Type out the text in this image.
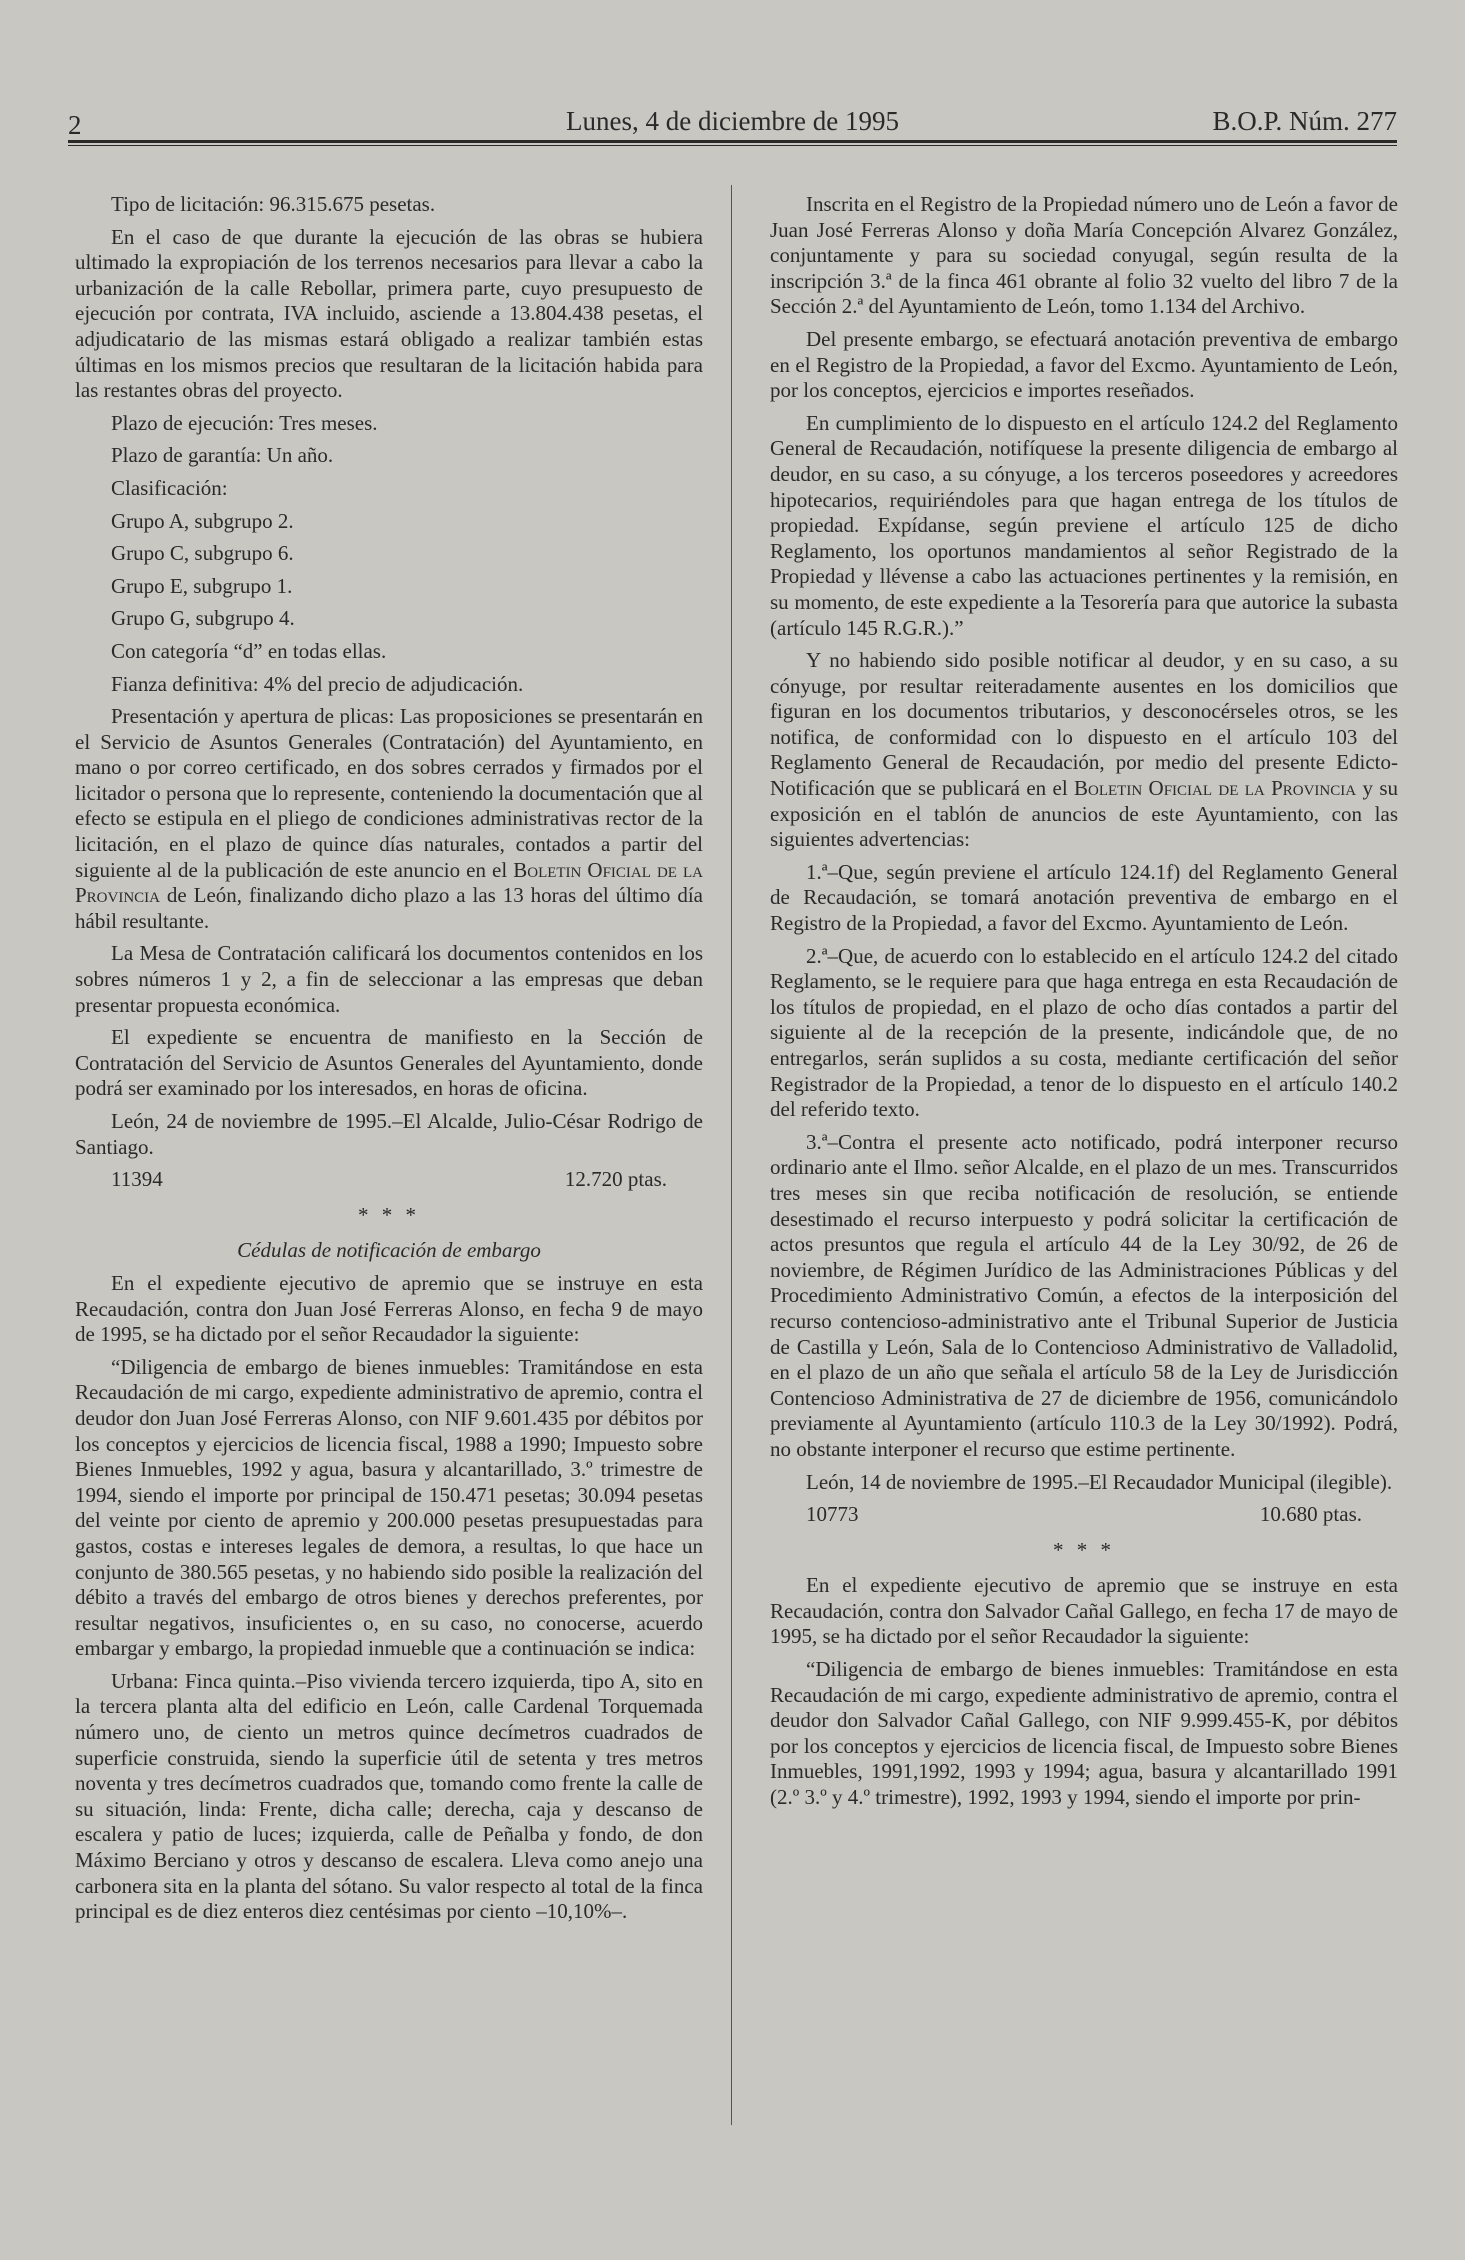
2	Lunes, 4 de diciembre de 1995	B.O.P. Núm. 277

Tipo de licitación: 96.315.675 pesetas.

En el caso de que durante la ejecución de las obras se hubiera ultimado la expropiación de los terrenos necesarios para llevar a cabo la urbanización de la calle Rebollar, primera parte, cuyo presupuesto de ejecución por contrata, IVA incluido, asciende a 13.804.438 pesetas, el adjudicatario de las mismas estará obligado a realizar también estas últimas en los mismos precios que resultaran de la licitación habida para las restantes obras del proyecto.

Plazo de ejecución: Tres meses.

Plazo de garantía: Un año.

Clasificación:

Grupo A, subgrupo 2.

Grupo C, subgrupo 6.

Grupo E, subgrupo 1.

Grupo G, subgrupo 4.

Con categoría “d” en todas ellas.

Fianza definitiva: 4% del precio de adjudicación.

Presentación y apertura de plicas: Las proposiciones se presentarán en el Servicio de Asuntos Generales (Contratación) del Ayuntamiento, en mano o por correo certificado, en dos sobres cerrados y firmados por el licitador o persona que lo represente, conteniendo la documentación que al efecto se estipula en el pliego de condiciones administrativas rector de la licitación, en el plazo de quince días naturales, contados a partir del siguiente al de la publicación de este anuncio en el Boletin Oficial de la Provincia de León, finalizando dicho plazo a las 13 horas del último día hábil resultante.

La Mesa de Contratación calificará los documentos contenidos en los sobres números 1 y 2, a fin de seleccionar a las empresas que deban presentar propuesta económica.

El expediente se encuentra de manifiesto en la Sección de Contratación del Servicio de Asuntos Generales del Ayuntamiento, donde podrá ser examinado por los interesados, en horas de oficina.

León, 24 de noviembre de 1995.–El Alcalde, Julio-César Rodrigo de Santiago.

11394	12.720 ptas.

* * *

Cédulas de notificación de embargo

En el expediente ejecutivo de apremio que se instruye en esta Recaudación, contra don Juan José Ferreras Alonso, en fecha 9 de mayo de 1995, se ha dictado por el señor Recaudador la siguiente:

“Diligencia de embargo de bienes inmuebles: Tramitándose en esta Recaudación de mi cargo, expediente administrativo de apremio, contra el deudor don Juan José Ferreras Alonso, con NIF 9.601.435 por débitos por los conceptos y ejercicios de licencia fiscal, 1988 a 1990; Impuesto sobre Bienes Inmuebles, 1992 y agua, basura y alcantarillado, 3.º trimestre de 1994, siendo el importe por principal de 150.471 pesetas; 30.094 pesetas del veinte por ciento de apremio y 200.000 pesetas presupuestadas para gastos, costas e intereses legales de demora, a resultas, lo que hace un conjunto de 380.565 pesetas, y no habiendo sido posible la realización del débito a través del embargo de otros bienes y derechos preferentes, por resultar negativos, insuficientes o, en su caso, no conocerse, acuerdo embargar y embargo, la propiedad inmueble que a continuación se indica:

Urbana: Finca quinta.–Piso vivienda tercero izquierda, tipo A, sito en la tercera planta alta del edificio en León, calle Cardenal Torquemada número uno, de ciento un metros quince decímetros cuadrados de superficie construida, siendo la superficie útil de setenta y tres metros noventa y tres decímetros cuadrados que, tomando como frente la calle de su situación, linda: Frente, dicha calle; derecha, caja y descanso de escalera y patio de luces; izquierda, calle de Peñalba y fondo, de don Máximo Berciano y otros y descanso de escalera. Lleva como anejo una carbonera sita en la planta del sótano. Su valor respecto al total de la finca principal es de diez enteros diez centésimas por ciento –10,10%–.

Inscrita en el Registro de la Propiedad número uno de León a favor de Juan José Ferreras Alonso y doña María Concepción Alvarez González, conjuntamente y para su sociedad conyugal, según resulta de la inscripción 3.ª de la finca 461 obrante al folio 32 vuelto del libro 7 de la Sección 2.ª del Ayuntamiento de León, tomo 1.134 del Archivo.

Del presente embargo, se efectuará anotación preventiva de embargo en el Registro de la Propiedad, a favor del Excmo. Ayuntamiento de León, por los conceptos, ejercicios e importes reseñados.

En cumplimiento de lo dispuesto en el artículo 124.2 del Reglamento General de Recaudación, notifíquese la presente diligencia de embargo al deudor, en su caso, a su cónyuge, a los terceros poseedores y acreedores hipotecarios, requiriéndoles para que hagan entrega de los títulos de propiedad. Expídanse, según previene el artículo 125 de dicho Reglamento, los oportunos mandamientos al señor Registrado de la Propiedad y llévense a cabo las actuaciones pertinentes y la remisión, en su momento, de este expediente a la Tesorería para que autorice la subasta (artículo 145 R.G.R.).”

Y no habiendo sido posible notificar al deudor, y en su caso, a su cónyuge, por resultar reiteradamente ausentes en los domicilios que figuran en los documentos tributarios, y desconocérseles otros, se les notifica, de conformidad con lo dispuesto en el artículo 103 del Reglamento General de Recaudación, por medio del presente Edicto-Notificación que se publicará en el Boletin Oficial de la Provincia y su exposición en el tablón de anuncios de este Ayuntamiento, con las siguientes advertencias:

1.ª–Que, según previene el artículo 124.1f) del Reglamento General de Recaudación, se tomará anotación preventiva de embargo en el Registro de la Propiedad, a favor del Excmo. Ayuntamiento de León.

2.ª–Que, de acuerdo con lo establecido en el artículo 124.2 del citado Reglamento, se le requiere para que haga entrega en esta Recaudación de los títulos de propiedad, en el plazo de ocho días contados a partir del siguiente al de la recepción de la presente, indicándole que, de no entregarlos, serán suplidos a su costa, mediante certificación del señor Registrador de la Propiedad, a tenor de lo dispuesto en el artículo 140.2 del referido texto.

3.ª–Contra el presente acto notificado, podrá interponer recurso ordinario ante el Ilmo. señor Alcalde, en el plazo de un mes. Transcurridos tres meses sin que reciba notificación de resolución, se entiende desestimado el recurso interpuesto y podrá solicitar la certificación de actos presuntos que regula el artículo 44 de la Ley 30/92, de 26 de noviembre, de Régimen Jurídico de las Administraciones Públicas y del Procedimiento Administrativo Común, a efectos de la interposición del recurso contencioso-administrativo ante el Tribunal Superior de Justicia de Castilla y León, Sala de lo Contencioso Administrativo de Valladolid, en el plazo de un año que señala el artículo 58 de la Ley de Jurisdicción Contencioso Administrativa de 27 de diciembre de 1956, comunicándolo previamente al Ayuntamiento (artículo 110.3 de la Ley 30/1992). Podrá, no obstante interponer el recurso que estime pertinente.

León, 14 de noviembre de 1995.–El Recaudador Municipal (ilegible).

10773	10.680 ptas.

* * *

En el expediente ejecutivo de apremio que se instruye en esta Recaudación, contra don Salvador Cañal Gallego, en fecha 17 de mayo de 1995, se ha dictado por el señor Recaudador la siguiente:

“Diligencia de embargo de bienes inmuebles: Tramitándose en esta Recaudación de mi cargo, expediente administrativo de apremio, contra el deudor don Salvador Cañal Gallego, con NIF 9.999.455-K, por débitos por los conceptos y ejercicios de licencia fiscal, de Impuesto sobre Bienes Inmuebles, 1991,1992, 1993 y 1994; agua, basura y alcantarillado 1991 (2.º 3.º y 4.º trimestre), 1992, 1993 y 1994, siendo el importe por prin-
